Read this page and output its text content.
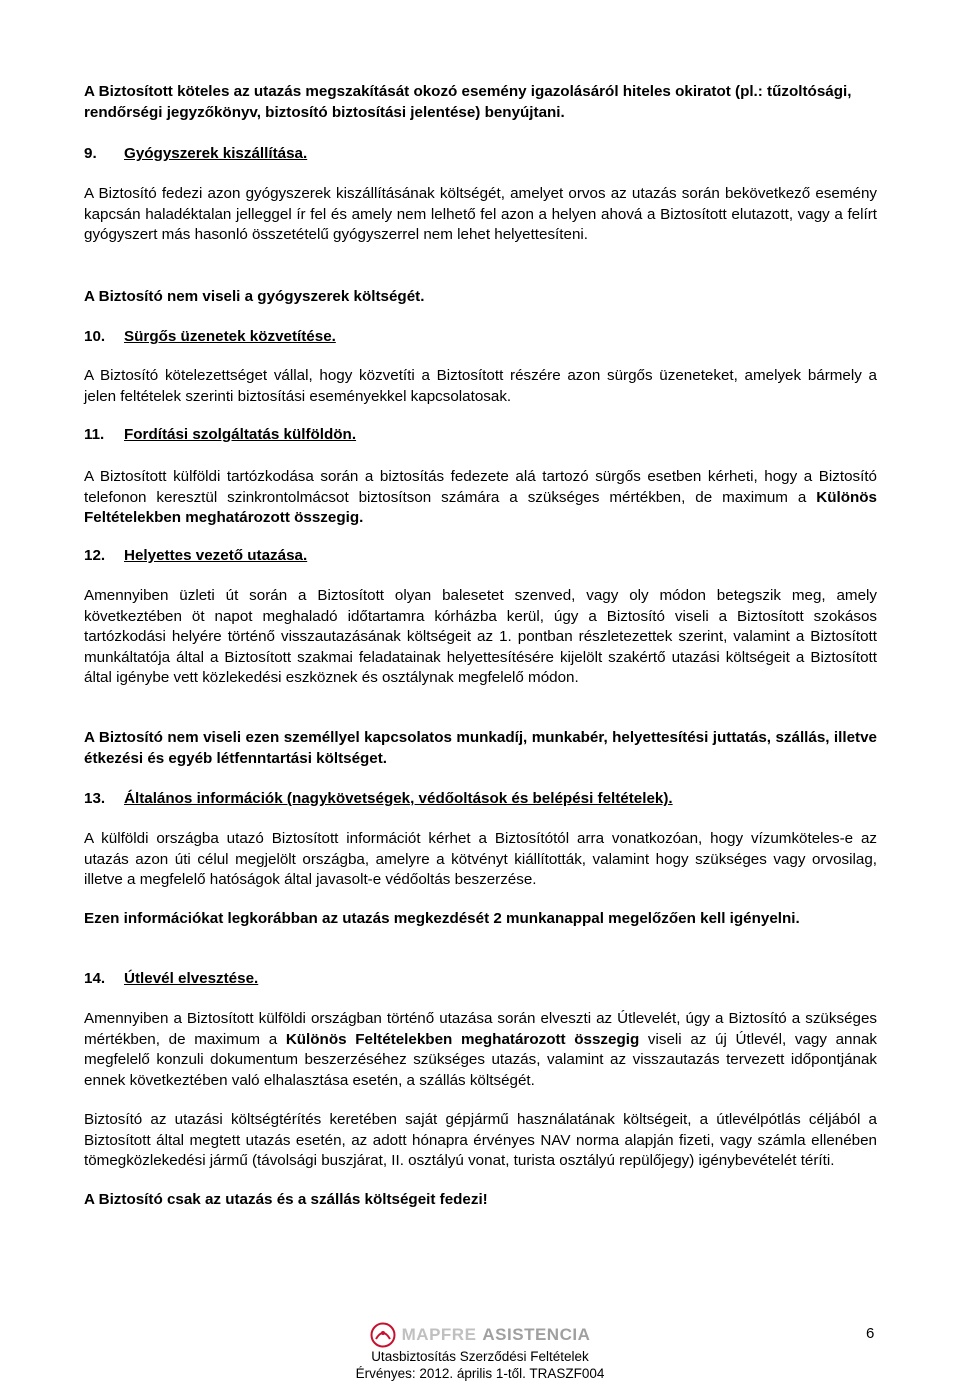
A Biztosított köteles az utazás megszakítását okozó esemény igazolásáról hiteles okiratot (pl.: tűzoltósági, rendőrségi jegyzőkönyv, biztosító biztosítási jelentése) benyújtani.
9. Gyógyszerek kiszállítása.
A Biztosító fedezi azon gyógyszerek kiszállításának költségét, amelyet orvos az utazás során bekövetkező esemény kapcsán haladéktalan jelleggel ír fel és amely nem lelhető fel azon a helyen ahová a Biztosított elutazott, vagy a felírt gyógyszert más hasonló összetételű gyógyszerrel nem lehet helyettesíteni.
A Biztosító nem viseli a gyógyszerek költségét.
10. Sürgős üzenetek közvetítése.
A Biztosító kötelezettséget vállal, hogy közvetíti a Biztosított részére azon sürgős üzeneteket, amelyek bármely a jelen feltételek szerinti biztosítási eseményekkel kapcsolatosak.
11. Fordítási szolgáltatás külföldön.
A Biztosított külföldi tartózkodása során a biztosítás fedezete alá tartozó sürgős esetben kérheti, hogy a Biztosító telefonon keresztül szinkrontolmácsot biztosítson számára a szükséges mértékben, de maximum a Különös Feltételekben meghatározott összegig.
12. Helyettes vezető utazása.
Amennyiben üzleti út során a Biztosított olyan balesetet szenved, vagy oly módon betegszik meg, amely következtében öt napot meghaladó időtartamra kórházba kerül, úgy a Biztosító viseli a Biztosított szokásos tartózkodási helyére történő visszautazásának költségeit az 1. pontban részletezettek szerint, valamint a Biztosított munkáltatója által a Biztosított szakmai feladatainak helyettesítésére kijelölt szakértő utazási költségeit a Biztosított által igénybe vett közlekedési eszköznek és osztálynak megfelelő módon.
A Biztosító nem viseli ezen személlyel kapcsolatos munkadíj, munkabér, helyettesítési juttatás, szállás, illetve étkezési és egyéb létfenntartási költséget.
13. Általános információk (nagykövetségek, védőoltások és belépési feltételek).
A külföldi országba utazó Biztosított információt kérhet a Biztosítótól arra vonatkozóan, hogy vízumköteles-e az utazás azon úti célul megjelölt országba, amelyre a kötvényt kiállították, valamint hogy szükséges vagy orvosilag, illetve a megfelelő hatóságok által javasolt-e védőoltás beszerzése.
Ezen információkat legkorábban az utazás megkezdését 2 munkanappal megelőzően kell igényelni.
14. Útlevél elvesztése.
Amennyiben a Biztosított külföldi országban történő utazása során elveszti az Útlevelét, úgy a Biztosító a szükséges mértékben, de maximum a Különös Feltételekben meghatározott összegig viseli az új Útlevél, vagy annak megfelelő konzuli dokumentum beszerzéséhez szükséges utazás, valamint az visszautazás tervezett időpontjának ennek következtében való elhalasztása esetén, a szállás költségét.
Biztosító az utazási költségtérítés keretében saját gépjármű használatának költségeit, a útlevélpótlás céljából a Biztosított által megtett utazás esetén, az adott hónapra érvényes NAV norma alapján fizeti, vagy számla ellenében tömegközlekedési jármű (távolsági buszjárat, II. osztályú vonat, turista osztályú repülőjegy) igénybevételét téríti.
A Biztosító csak az utazás és a szállás költségeit fedezi!
6
MAPFRE ASISTENCIA
Utasbiztosítás Szerződési Feltételek
Érvényes: 2012. április 1-től. TRASZF004
